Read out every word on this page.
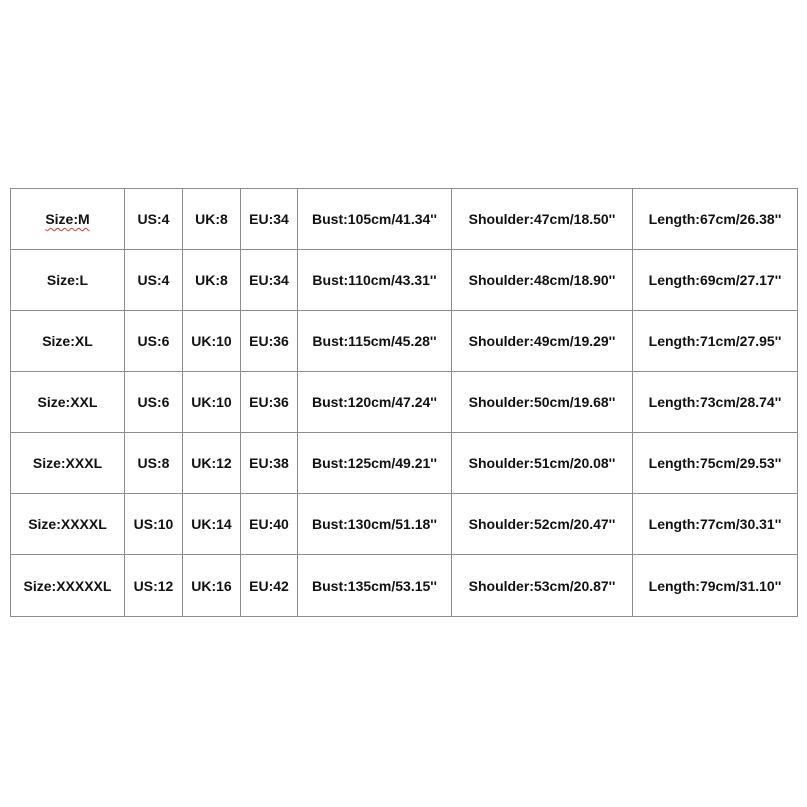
Size:M	US:4	UK:8	EU:34	Bust:105cm/41.34''	Shoulder:47cm/18.50''	Length:67cm/26.38''
Size:L	US:4	UK:8	EU:34	Bust:110cm/43.31''	Shoulder:48cm/18.90''	Length:69cm/27.17''
Size:XL	US:6	UK:10	EU:36	Bust:115cm/45.28''	Shoulder:49cm/19.29''	Length:71cm/27.95''
Size:XXL	US:6	UK:10	EU:36	Bust:120cm/47.24''	Shoulder:50cm/19.68''	Length:73cm/28.74''
Size:XXXL	US:8	UK:12	EU:38	Bust:125cm/49.21''	Shoulder:51cm/20.08''	Length:75cm/29.53''
Size:XXXXL	US:10	UK:14	EU:40	Bust:130cm/51.18''	Shoulder:52cm/20.47''	Length:77cm/30.31''
Size:XXXXXL	US:12	UK:16	EU:42	Bust:135cm/53.15''	Shoulder:53cm/20.87''	Length:79cm/31.10''
